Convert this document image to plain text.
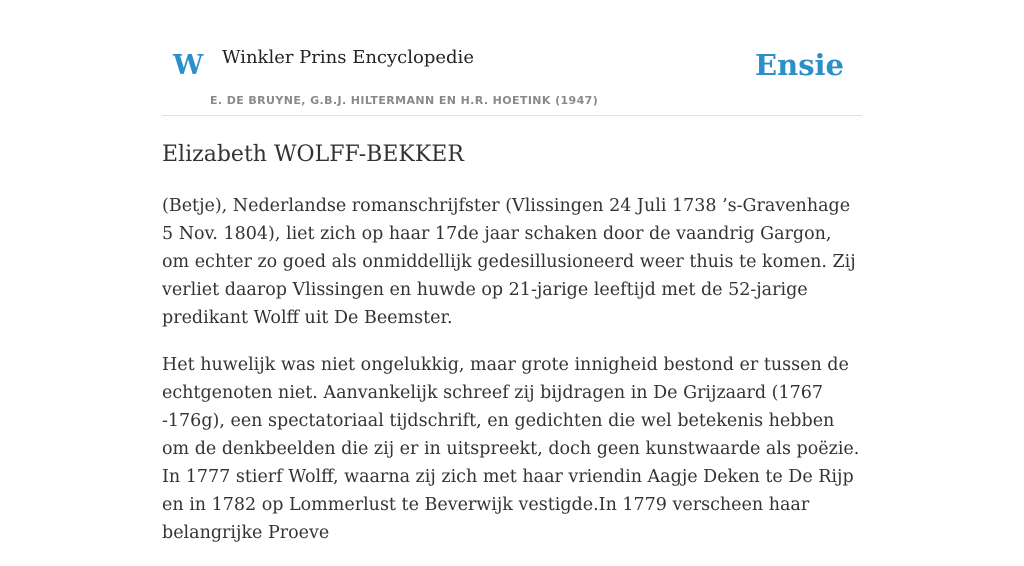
W Winkler Prins Encyclopedie
E. DE BRUYNE, G.B.J. HILTERMANN EN H.R. HOETINK (1947)
Ensie
Elizabeth WOLFF-BEKKER

(Betje), Nederlandse romanschrijfster (Vlissingen 24 Juli 1738 ’s-Gravenhage 5 Nov. 1804), liet zich op haar 17de jaar schaken door de vaandrig Gargon, om echter zo goed als onmiddellijk gedesillusioneerd weer thuis te komen. Zij verliet daarop Vlissingen en huwde op 21-jarige leeftijd met de 52-jarige predikant Wolff uit De Beemster.

Het huwelijk was niet ongelukkig, maar grote innigheid bestond er tussen de echtgenoten niet. Aanvankelijk schreef zij bijdragen in De Grijzaard (1767 -176g), een spectatoriaal tijdschrift, en gedichten die wel betekenis hebben om de denkbeelden die zij er in uitspreekt, doch geen kunstwaarde als poëzie. In 1777 stierf Wolff, waarna zij zich met haar vriendin Aagje Deken te De Rijp en in 1782 op Lommerlust te Beverwijk vestigde.In 1779 verscheen haar belangrijke Proeve
